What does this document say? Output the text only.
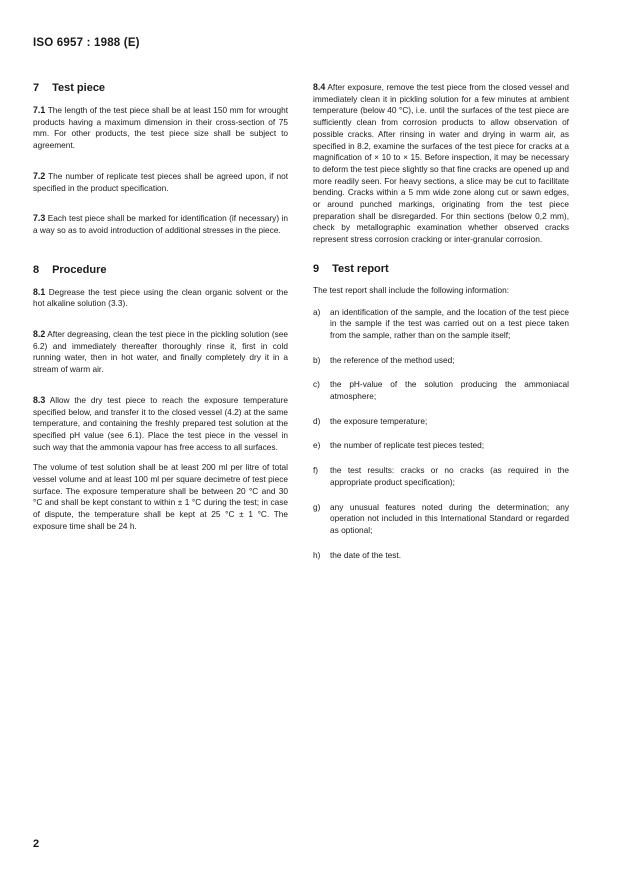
ISO 6957 : 1988 (E)
7 Test piece

7.1 The length of the test piece shall be at least 150 mm for wrought products having a maximum dimension in their cross-section of 75 mm. For other products, the test piece size shall be subject to agreement.

7.2 The number of replicate test pieces shall be agreed upon, if not specified in the product specification.

7.3 Each test piece shall be marked for identification (if necessary) in a way so as to avoid introduction of additional stresses in the piece.

8 Procedure

8.1 Degrease the test piece using the clean organic solvent or the hot alkaline solution (3.3).

8.2 After degreasing, clean the test piece in the pickling solution (see 6.2) and immediately thereafter thoroughly rinse it, first in cold running water, then in hot water, and finally completely dry it in a stream of warm air.

8.3 Allow the dry test piece to reach the exposure temperature specified below, and transfer it to the closed vessel (4.2) at the same temperature, and containing the freshly prepared test solution at the specified pH value (see 6.1). Place the test piece in the vessel in such way that the ammonia vapour has free access to all surfaces.

The volume of test solution shall be at least 200 ml per litre of total vessel volume and at least 100 ml per square decimetre of test piece surface. The exposure temperature shall be between 20 °C and 30 °C and shall be kept constant to within ± 1 °C during the test; in case of dispute, the temperature shall be kept at 25 °C ± 1 °C. The exposure time shall be 24 h.

8.4 After exposure, remove the test piece from the closed vessel and immediately clean it in pickling solution for a few minutes at ambient temperature (below 40 °C), i.e. until the surfaces of the test piece are sufficiently clean from corrosion products to allow observation of possible cracks. After rinsing in water and drying in warm air, as specified in 8.2, examine the surfaces of the test piece for cracks at a magnification of × 10 to × 15. Before inspection, it may be necessary to deform the test piece slightly so that fine cracks are opened up and more readily seen. For heavy sections, a slice may be cut to facilitate bending. Cracks within a 5 mm wide zone along cut or sawn edges, or around punched markings, originating from the test piece preparation shall be disregarded. For thin sections (below 0,2 mm), check by metallographic examination whether observed cracks represent stress corrosion cracking or inter-granular corrosion.

9 Test report

The test report shall include the following information:

a)	an identification of the sample, and the location of the test piece in the sample if the test was carried out on a test piece taken from the sample, rather than on the sample itself;
b)	the reference of the method used;
c)	the pH-value of the solution producing the ammoniacal atmosphere;
d)	the exposure temperature;
e)	the number of replicate test pieces tested;
f)	the test results: cracks or no cracks (as required in the appropriate product specification);
g)	any unusual features noted during the determination; any operation not included in this International Standard or regarded as optional;
h)	the date of the test.
2
